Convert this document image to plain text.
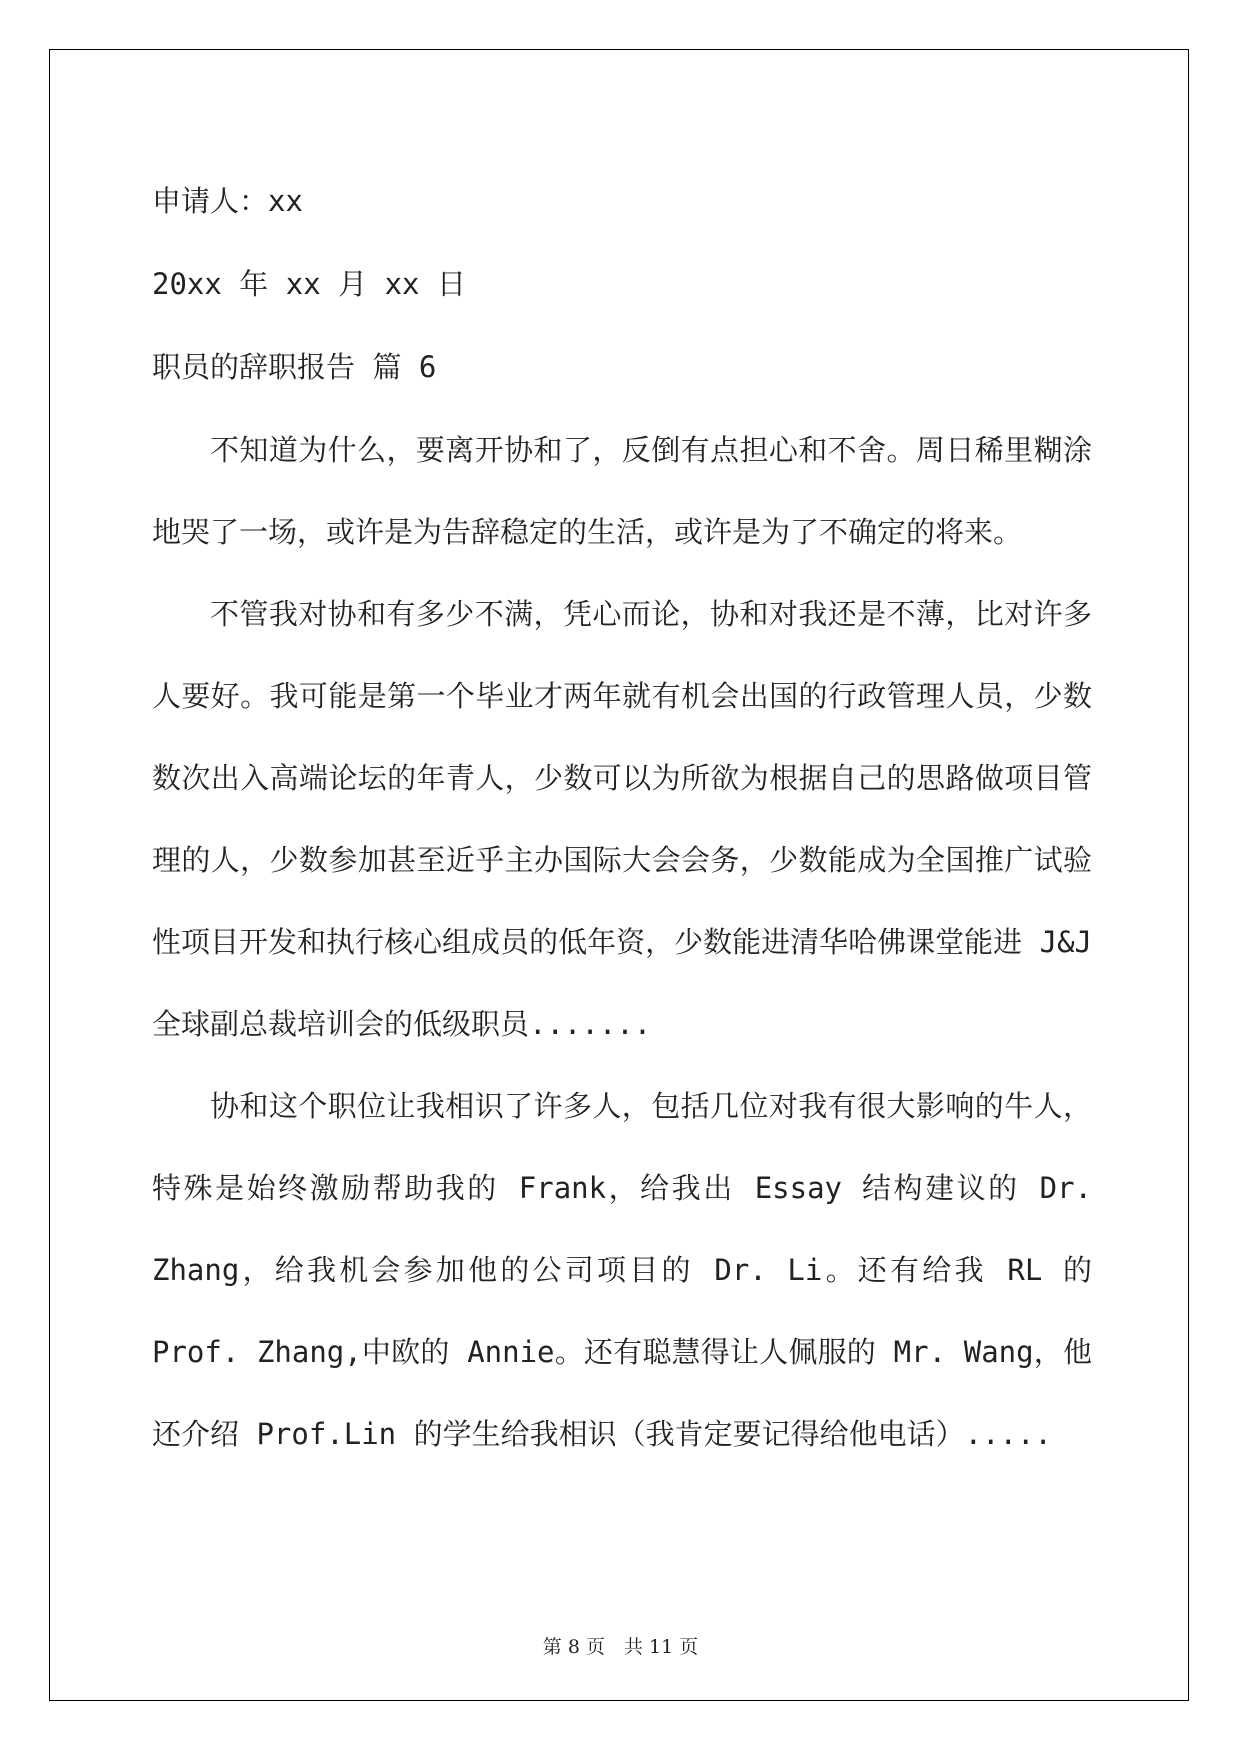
申请人：xx
20xx 年 xx 月 xx 日
职员的辞职报告 篇 6

不知道为什么，要离开协和了，反倒有点担心和不舍。周日稀里糊涂地哭了一场，或许是为告辞稳定的生活，或许是为了不确定的将来。

不管我对协和有多少不满，凭心而论，协和对我还是不薄，比对许多人要好。我可能是第一个毕业才两年就有机会出国的行政管理人员，少数数次出入高端论坛的年青人，少数可以为所欲为根据自己的思路做项目管理的人，少数参加甚至近乎主办国际大会会务，少数能成为全国推广试验性项目开发和执行核心组成员的低年资，少数能进清华哈佛课堂能进 J&J 全球副总裁培训会的低级职员.......

协和这个职位让我相识了许多人，包括几位对我有很大影响的牛人，特殊是始终激励帮助我的 Frank，给我出 Essay 结构建议的 Dr. Zhang，给我机会参加他的公司项目的 Dr. Li。还有给我 RL 的 Prof. Zhang,中欧的 Annie。还有聪慧得让人佩服的 Mr. Wang，他还介绍 Prof.Lin 的学生给我相识（我肯定要记得给他电话）.....

第 8 页　共 11 页
